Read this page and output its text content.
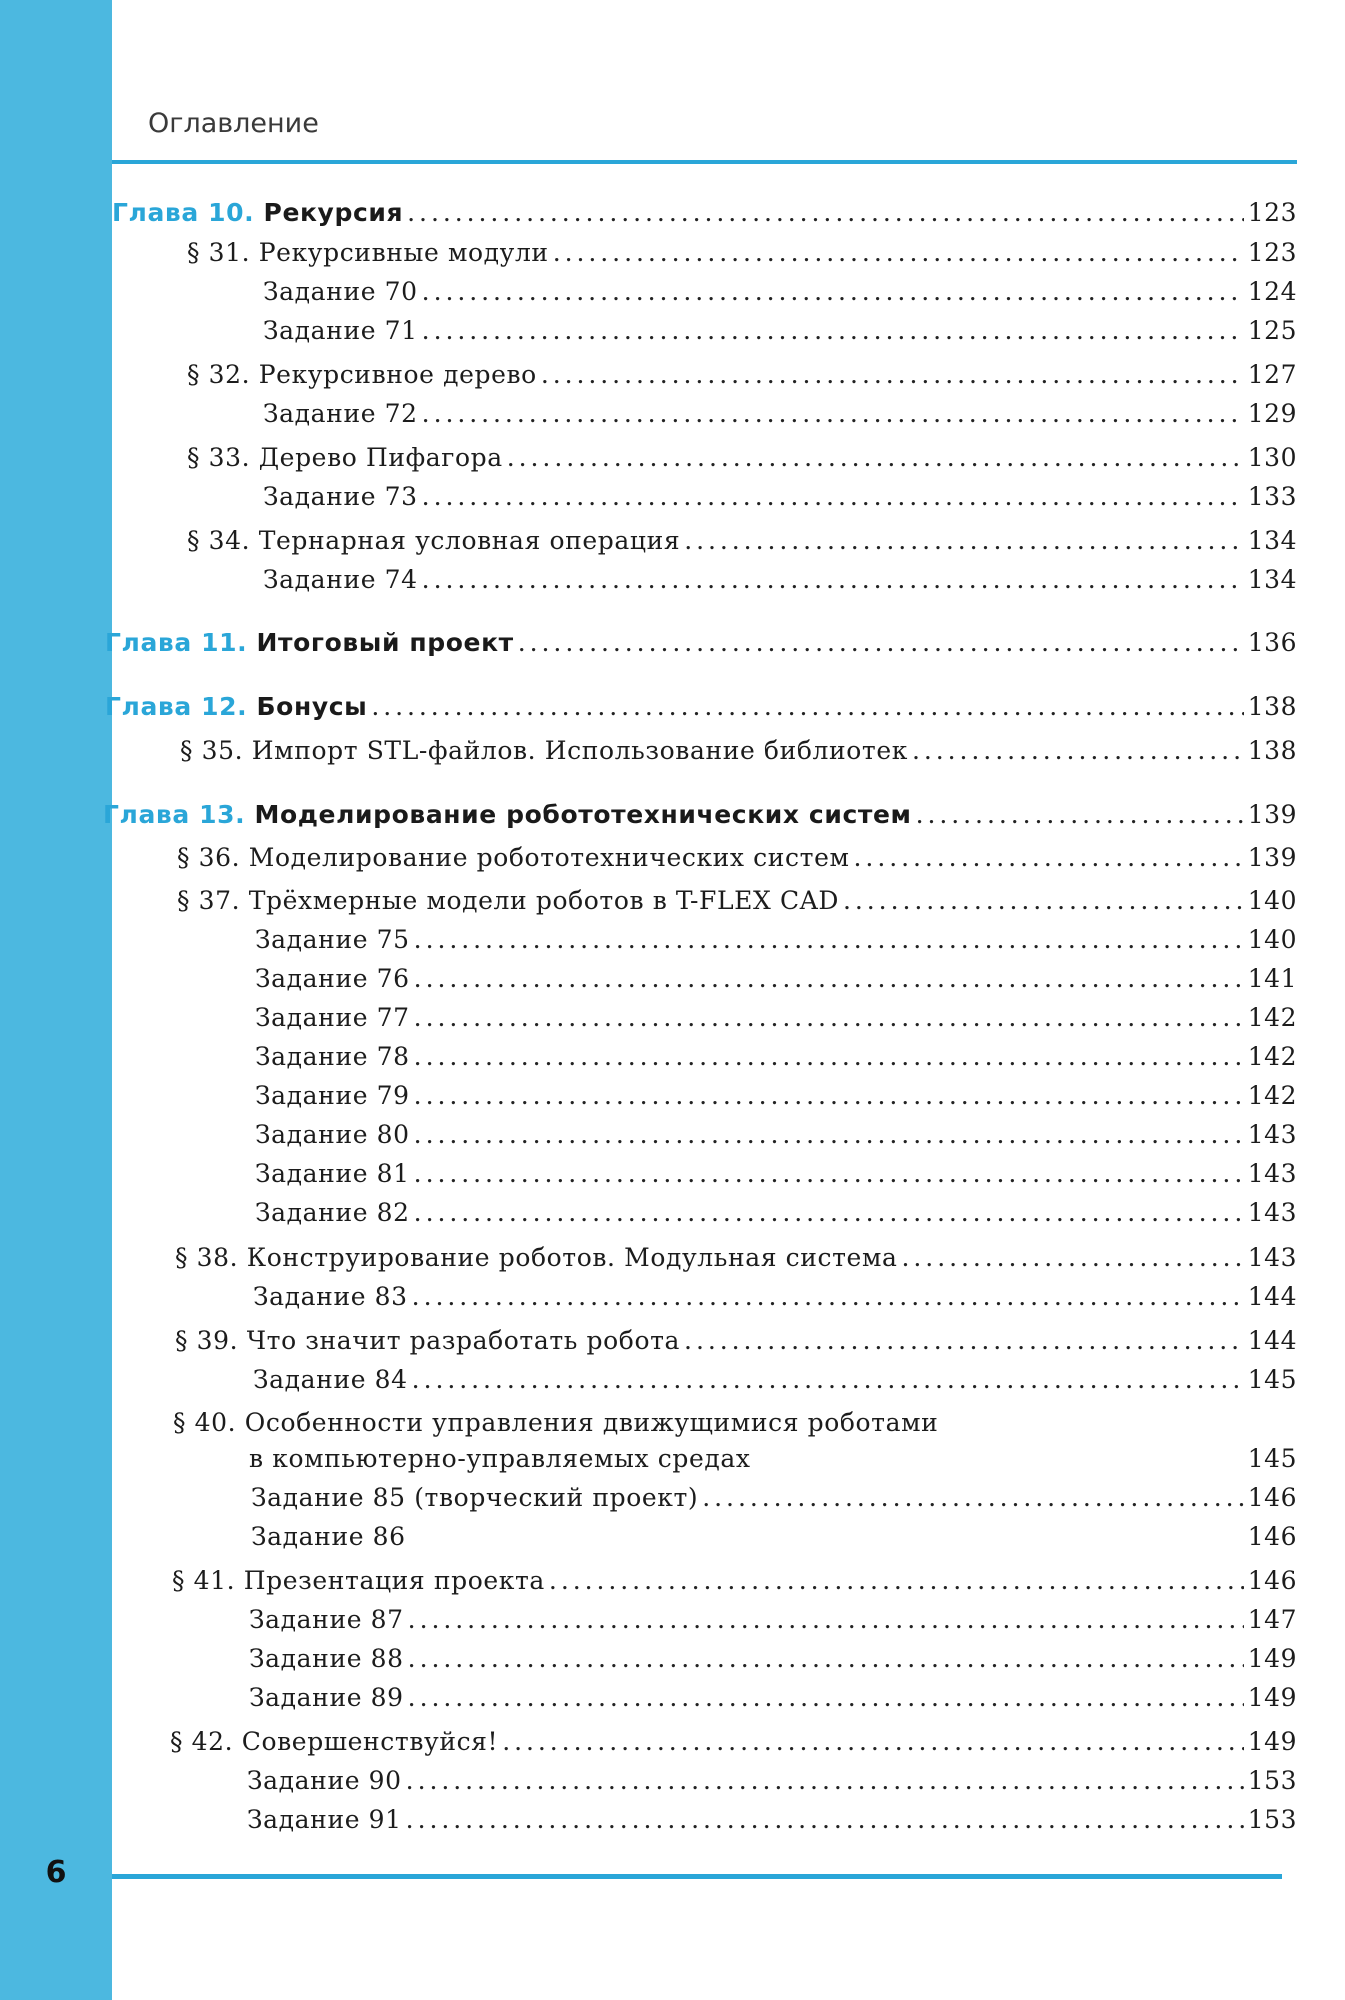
Оглавление
Глава 10. Рекурсия . . .	123
§ 31. Рекурсивные модули . . .	123
Задание 70 . . .	124
Задание 71 . . .	125
§ 32. Рекурсивное дерево . . .	127
Задание 72 . . .	129
§ 33. Дерево Пифагора . . .	130
Задание 73 . . .	133
§ 34. Тернарная условная операция . . .	134
Задание 74 . . .	134
Глава 11. Итоговый проект . . .	136
Глава 12. Бонусы . . .	138
§ 35. Импорт STL-файлов. Использование библиотек . . .	138
Глава 13. Моделирование робототехнических систем . . .	139
§ 36. Моделирование робототехнических систем . . .	139
§ 37. Трёхмерные модели роботов в T-FLEX CAD . . .	140
Задание 75 . . .	140
Задание 76 . . .	141
Задание 77 . . .	142
Задание 78 . . .	142
Задание 79 . . .	142
Задание 80 . . .	143
Задание 81 . . .	143
Задание 82 . . .	143
§ 38. Конструирование роботов. Модульная система . . .	143
Задание 83 . . .	144
§ 39. Что значит разработать робота . . .	144
Задание 84 . . .	145
§ 40. Особенности управления движущимися роботами
в компьютерно-управляемых средах	145
Задание 85 (творческий проект) . . .	146
Задание 86	146
§ 41. Презентация проекта . . .	146
Задание 87 . . .	147
Задание 88 . . .	149
Задание 89 . . .	149
§ 42. Совершенствуйся! . . .	149
Задание 90 . . .	153
Задание 91 . . .	153
6
